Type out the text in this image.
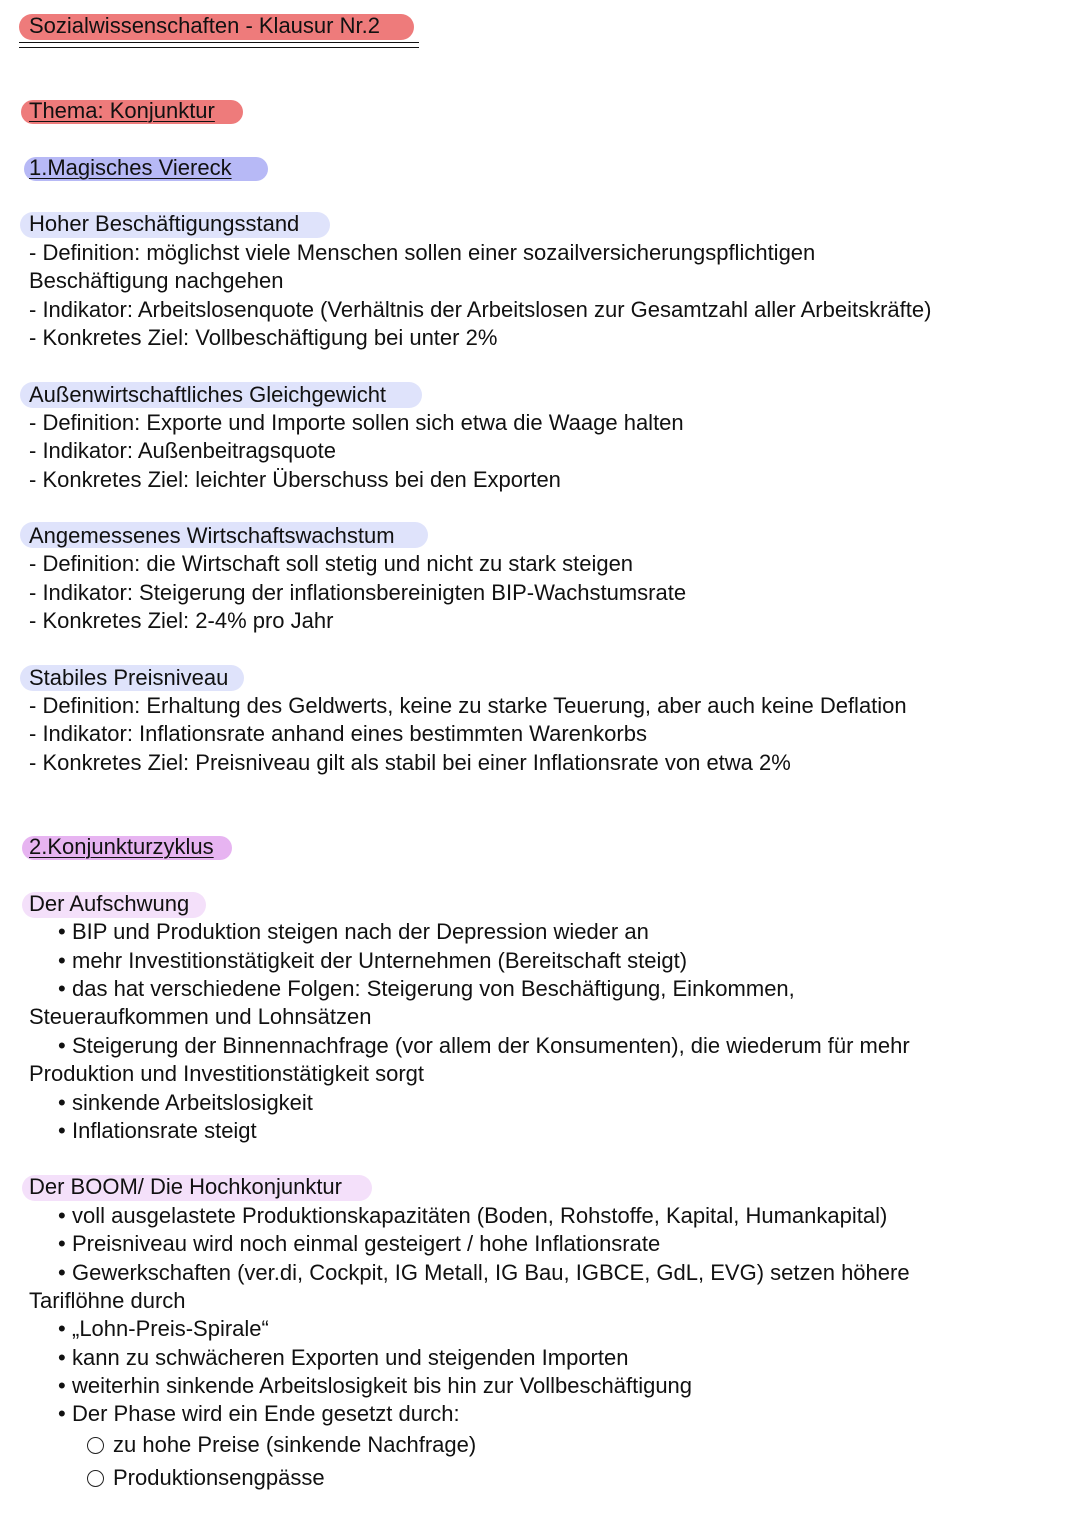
Sozialwissenschaften - Klausur Nr.2
Thema: Konjunktur
1.Magisches Viereck
Hoher Beschäftigungsstand
- Definition: möglichst viele Menschen sollen einer sozailversicherungspflichtigen
Beschäftigung nachgehen
- Indikator: Arbeitslosenquote (Verhältnis der Arbeitslosen zur Gesamtzahl aller Arbeitskräfte)
- Konkretes Ziel: Vollbeschäftigung bei unter 2%
Außenwirtschaftliches Gleichgewicht
- Definition: Exporte und Importe sollen sich etwa die Waage halten
- Indikator: Außenbeitragsquote
- Konkretes Ziel: leichter Überschuss bei den Exporten
Angemessenes Wirtschaftswachstum
- Definition: die Wirtschaft soll stetig und nicht zu stark steigen
- Indikator: Steigerung der inflationsbereinigten BIP-Wachstumsrate
- Konkretes Ziel: 2-4% pro Jahr
Stabiles Preisniveau
- Definition: Erhaltung des Geldwerts, keine zu starke Teuerung, aber auch keine Deflation
- Indikator: Inflationsrate anhand eines bestimmten Warenkorbs
- Konkretes Ziel: Preisniveau gilt als stabil bei einer Inflationsrate von etwa 2%
2.Konjunkturzyklus
Der Aufschwung
• BIP und Produktion steigen nach der Depression wieder an
• mehr Investitionstätigkeit der Unternehmen (Bereitschaft steigt)
• das hat verschiedene Folgen: Steigerung von Beschäftigung, Einkommen,
Steueraufkommen und Lohnsätzen
• Steigerung der Binnennachfrage (vor allem der Konsumenten), die wiederum für mehr
Produktion und Investitionstätigkeit sorgt
• sinkende Arbeitslosigkeit
• Inflationsrate steigt
Der BOOM/ Die Hochkonjunktur
• voll ausgelastete Produktionskapazitäten (Boden, Rohstoffe, Kapital, Humankapital)
• Preisniveau wird noch einmal gesteigert / hohe Inflationsrate
• Gewerkschaften (ver.di, Cockpit, IG Metall, IG Bau, IGBCE, GdL, EVG) setzen höhere
Tariflöhne durch
• „Lohn-Preis-Spirale“
• kann zu schwächeren Exporten und steigenden Importen
• weiterhin sinkende Arbeitslosigkeit bis hin zur Vollbeschäftigung
• Der Phase wird ein Ende gesetzt durch:
zu hohe Preise (sinkende Nachfrage)
Produktionsengpässe
